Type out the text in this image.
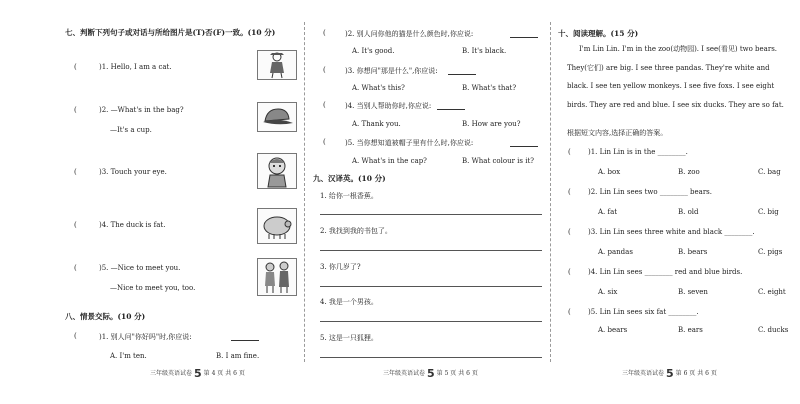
七、判断下列句子或对话与所给图片是(T)否(F)一致。(10 分)
(	)1. Hello, I am a cat.
(	)2. —What's in the bag?
—It's a cup.
(	)3. Touch your eye.
(	)4. The duck is fat.
(	)5. —Nice to meet you.
—Nice to meet you, too.
八、情景交际。(10 分)
(	)1. 别人问"你好吗"时,你应说:
A. I'm ten.	B. I am fine.
三年级英语试卷 5 第 4 页 共 6 页
(	)2. 别人问你他的猫是什么颜色时,你应说:
A. It's good.	B. It's black.
(	)3. 你想问"那是什么",你应说:
A. What's this?	B. What's that?
(	)4. 当别人帮助你时,你应说:
A. Thank you.	B. How are you?
(	)5. 当你想知道被帽子里有什么时,你应说:
A. What's in the cap?	B. What colour is it?
九、汉译英。(10 分)
1. 给你一根香蕉。
2. 我找到我的书包了。
3. 你几岁了?
4. 我是一个男孩。
5. 这是一只狐狸。
三年级英语试卷 5 第 5 页 共 6 页
十、阅读理解。(15 分)
I'm Lin Lin. I'm in the zoo(动物园). I see(看见) two bears. They(它们) are big. I see three pandas. They're white and black. I see ten yellow monkeys. I see five foxs. I see eight birds. They are red and blue. I see six ducks. They are so fat.
根据短文内容,选择正确的答案。
( )1. Lin Lin is in the ________.
A. box	B. zoo	C. bag
( )2. Lin Lin sees two ________ bears.
A. fat	B. old	C. big
( )3. Lin Lin sees three white and black ________.
A. pandas	B. bears	C. pigs
( )4. Lin Lin sees ________ red and blue birds.
A. six	B. seven	C. eight
( )5. Lin Lin sees six fat ________.
A. bears	B. ears	C. ducks
三年级英语试卷 5 第 6 页 共 6 页
